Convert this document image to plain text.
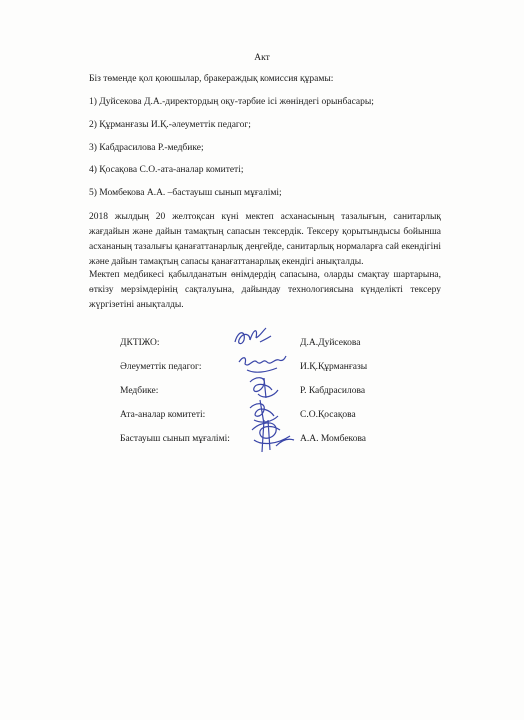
Акт
Біз төменде қол қоюшылар, бракераждық комиссия құрамы:
1) Дуйсекова Д.А.-директордың оқу-тәрбие ісі жөніндегі орынбасары;
2) Құрманғазы И.Қ.-әлеуметтік педагог;
3) Кабдрасилова Р.-медбике;
4) Қосақова С.О.-ата-аналар комитеті;
5) Момбекова А.А. –бастауыш сынып мұғалімі;
2018 жылдың 20 желтоқсан күні мектеп асханасының тазалығын, санитарлық жағдайын және дайын тамақтың сапасын тексердік. Тексеру қорытындысы бойынша асхананың тазалығы қанағаттанарлық деңгейде, санитарлық нормаларға сай екендігіні және дайын тамақтың сапасы қанағаттанарлық екендігі анықталды.
Мектеп медбикесі қабылданатын өнімдердің сапасына, оларды смақтау шартарына, өткізу мерзімдерінің сақталуына, дайындау технологиясына күнделікті тексеру жүргізетіні анықталды.
ДКТІЖО:	Д.А.Дуйсекова
Әлеуметтік педагог:	И.Қ.Құрманғазы
Медбике:	Р. Кабдрасилова
Ата-аналар комитеті:	С.О.Қосақова
Бастауыш сынып мұғалімі:	А.А. Момбекова
